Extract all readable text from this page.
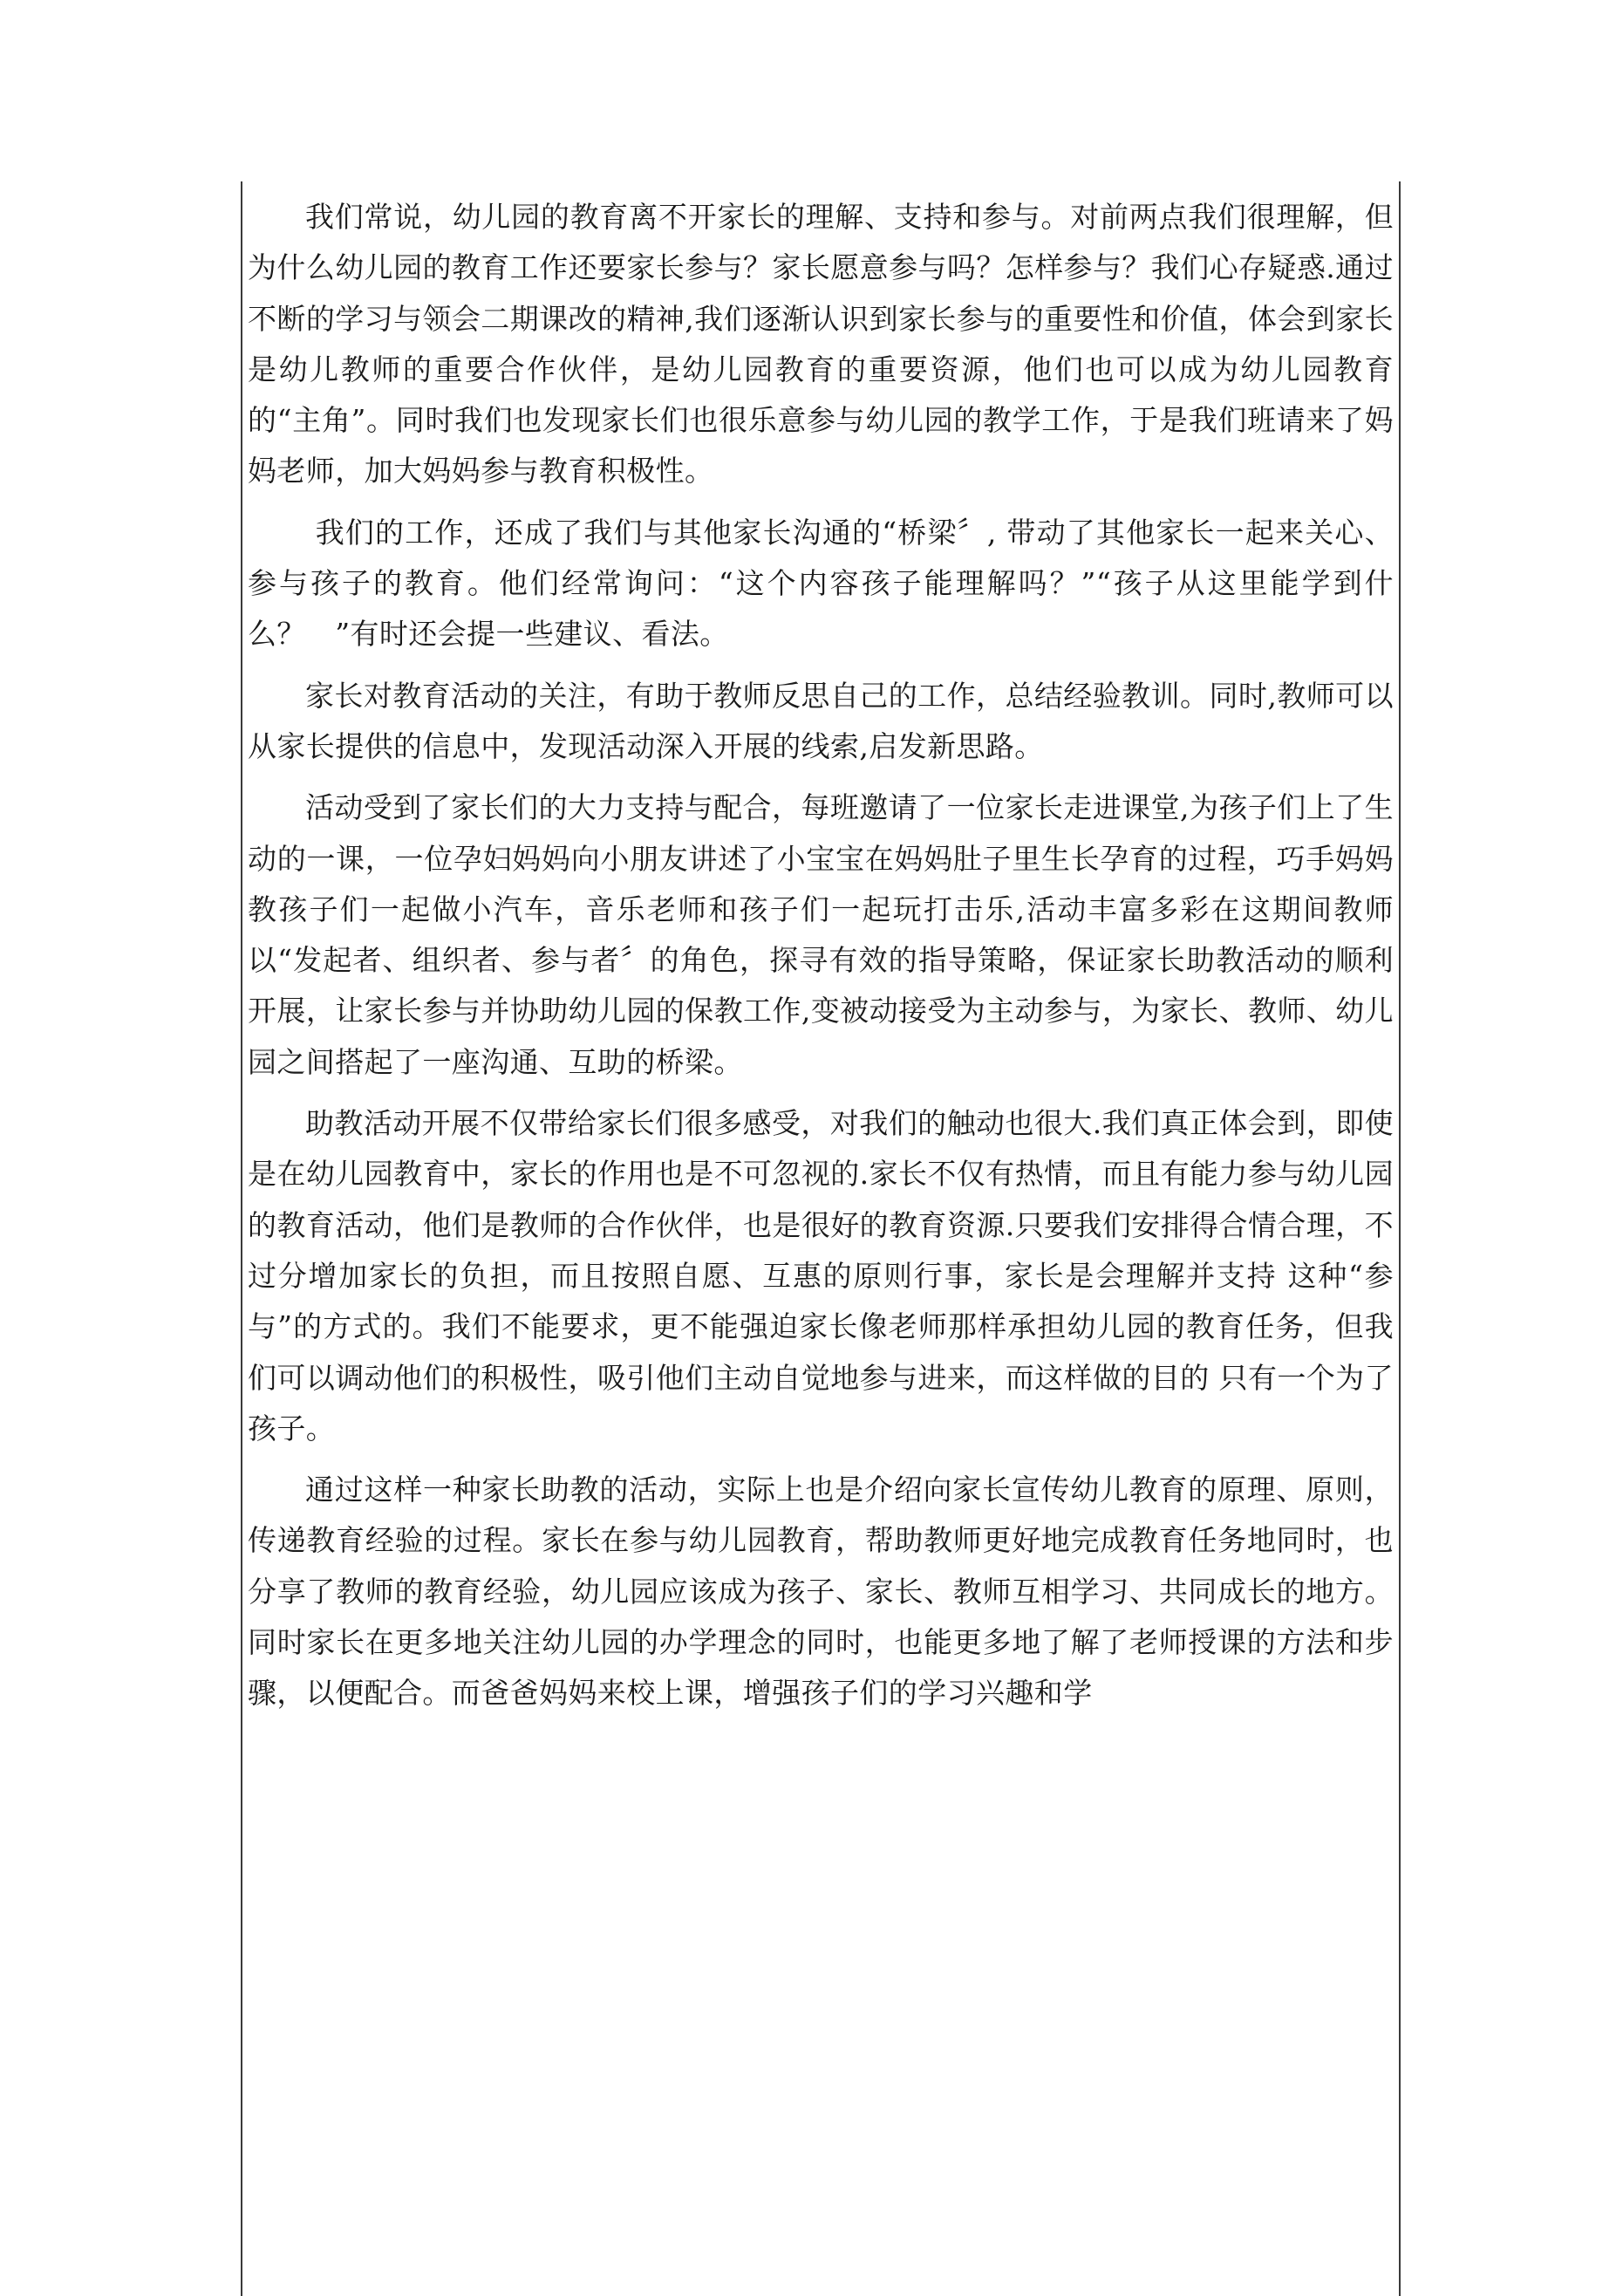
我们常说，幼儿园的教育离不开家长的理解、支持和参与。对前两点我们很理解，但为什么幼儿园的教育工作还要家长参与？家长愿意参与吗？怎样参与？我们心存疑惑.通过不断的学习与领会二期课改的精神,我们逐渐认识到家长参与的重要性和价值，体会到家长是幼儿教师的重要合作伙伴，是幼儿园教育的重要资源，他们也可以成为幼儿园教育的“主角”。同时我们也发现家长们也很乐意参与幼儿园的教学工作，于是我们班请来了妈妈老师，加大妈妈参与教育积极性。

我们的工作，还成了我们与其他家长沟通的“桥梁〞, 带动了其他家长一起来关心、参与孩子的教育。他们经常询问：“这个内容孩子能理解吗？”“孩子从这里能学到什么？　”有时还会提一些建议、看法。

家长对教育活动的关注，有助于教师反思自己的工作，总结经验教训。同时,教师可以从家长提供的信息中，发现活动深入开展的线索,启发新思路。

活动受到了家长们的大力支持与配合，每班邀请了一位家长走进课堂,为孩子们上了生动的一课，一位孕妇妈妈向小朋友讲述了小宝宝在妈妈肚子里生长孕育的过程，巧手妈妈教孩子们一起做小汽车，音乐老师和孩子们一起玩打击乐,活动丰富多彩在这期间教师以“发起者、组织者、参与者〞的角色，探寻有效的指导策略，保证家长助教活动的顺利开展，让家长参与并协助幼儿园的保教工作,变被动接受为主动参与，为家长、教师、幼儿园之间搭起了一座沟通、互助的桥梁。

助教活动开展不仅带给家长们很多感受，对我们的触动也很大.我们真正体会到，即使是在幼儿园教育中，家长的作用也是不可忽视的.家长不仅有热情，而且有能力参与幼儿园的教育活动，他们是教师的合作伙伴，也是很好的教育资源.只要我们安排得合情合理，不过分增加家长的负担，而且按照自愿、互惠的原则行事，家长是会理解并支持 这种“参与”的方式的。我们不能要求，更不能强迫家长像老师那样承担幼儿园的教育任务，但我们可以调动他们的积极性，吸引他们主动自觉地参与进来，而这样做的目的 只有一个为了孩子。

通过这样一种家长助教的活动，实际上也是介绍向家长宣传幼儿教育的原理、原则，传递教育经验的过程。家长在参与幼儿园教育，帮助教师更好地完成教育任务地同时，也 分享了教师的教育经验，幼儿园应该成为孩子、家长、教师互相学习、共同成长的地方。同时家长在更多地关注幼儿园的办学理念的同时，也能更多地了解了老师授课的方法和步骤，以便配合。而爸爸妈妈来校上课，增强孩子们的学习兴趣和学
